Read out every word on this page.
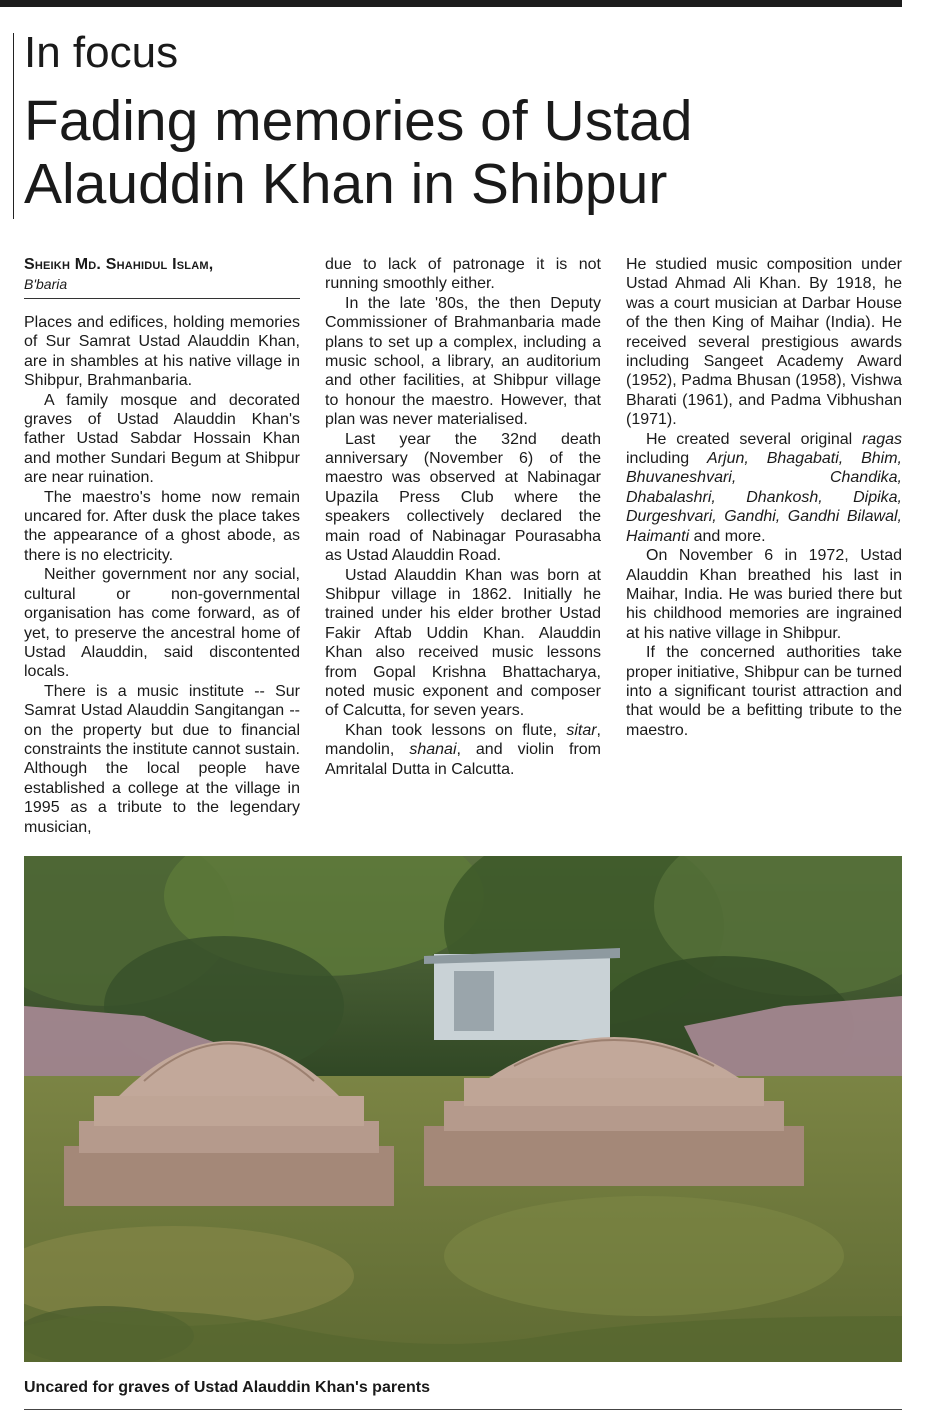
In focus
Fading memories of Ustad Alauddin Khan in Shibpur
Sheikh Md. Shahidul Islam,
B'baria

Places and edifices, holding memories of Sur Samrat Ustad Alauddin Khan, are in shambles at his native village in Shibpur, Brahmanbaria.

A family mosque and decorated graves of Ustad Alauddin Khan's father Ustad Sabdar Hossain Khan and mother Sundari Begum at Shibpur are near ruination.

The maestro's home now remain uncared for. After dusk the place takes the appearance of a ghost abode, as there is no electricity.

Neither government nor any social, cultural or non-governmental organisation has come forward, as of yet, to preserve the ancestral home of Ustad Alauddin, said discontented locals.

There is a music institute -- Sur Samrat Ustad Alauddin Sangitangan -- on the property but due to financial constraints the institute cannot sustain. Although the local people have established a college at the village in 1995 as a tribute to the legendary musician,

due to lack of patronage it is not running smoothly either.

In the late '80s, the then Deputy Commissioner of Brahmanbaria made plans to set up a complex, including a music school, a library, an auditorium and other facilities, at Shibpur village to honour the maestro. However, that plan was never materialised.

Last year the 32nd death anniversary (November 6) of the maestro was observed at Nabinagar Upazila Press Club where the speakers collectively declared the main road of Nabinagar Pourasabha as Ustad Alauddin Road.

Ustad Alauddin Khan was born at Shibpur village in 1862. Initially he trained under his elder brother Ustad Fakir Aftab Uddin Khan. Alauddin Khan also received music lessons from Gopal Krishna Bhattacharya, noted music exponent and composer of Calcutta, for seven years.

Khan took lessons on flute, sitar, mandolin, shanai, and violin from Amritalal Dutta in Calcutta.

He studied music composition under Ustad Ahmad Ali Khan. By 1918, he was a court musician at Darbar House of the then King of Maihar (India). He received several prestigious awards including Sangeet Academy Award (1952), Padma Bhusan (1958), Vishwa Bharati (1961), and Padma Vibhushan (1971).

He created several original ragas including Arjun, Bhagabati, Bhim, Bhuvaneshvari, Chandika, Dhabalashri, Dhankosh, Dipika, Durgeshvari, Gandhi, Gandhi Bilawal, Haimanti and more.

On November 6 in 1972, Ustad Alauddin Khan breathed his last in Maihar, India. He was buried there but his childhood memories are ingrained at his native village in Shibpur.

If the concerned authorities take proper initiative, Shibpur can be turned into a significant tourist attraction and that would be a befitting tribute to the maestro.

Uncared for graves of Ustad Alauddin Khan's parents
